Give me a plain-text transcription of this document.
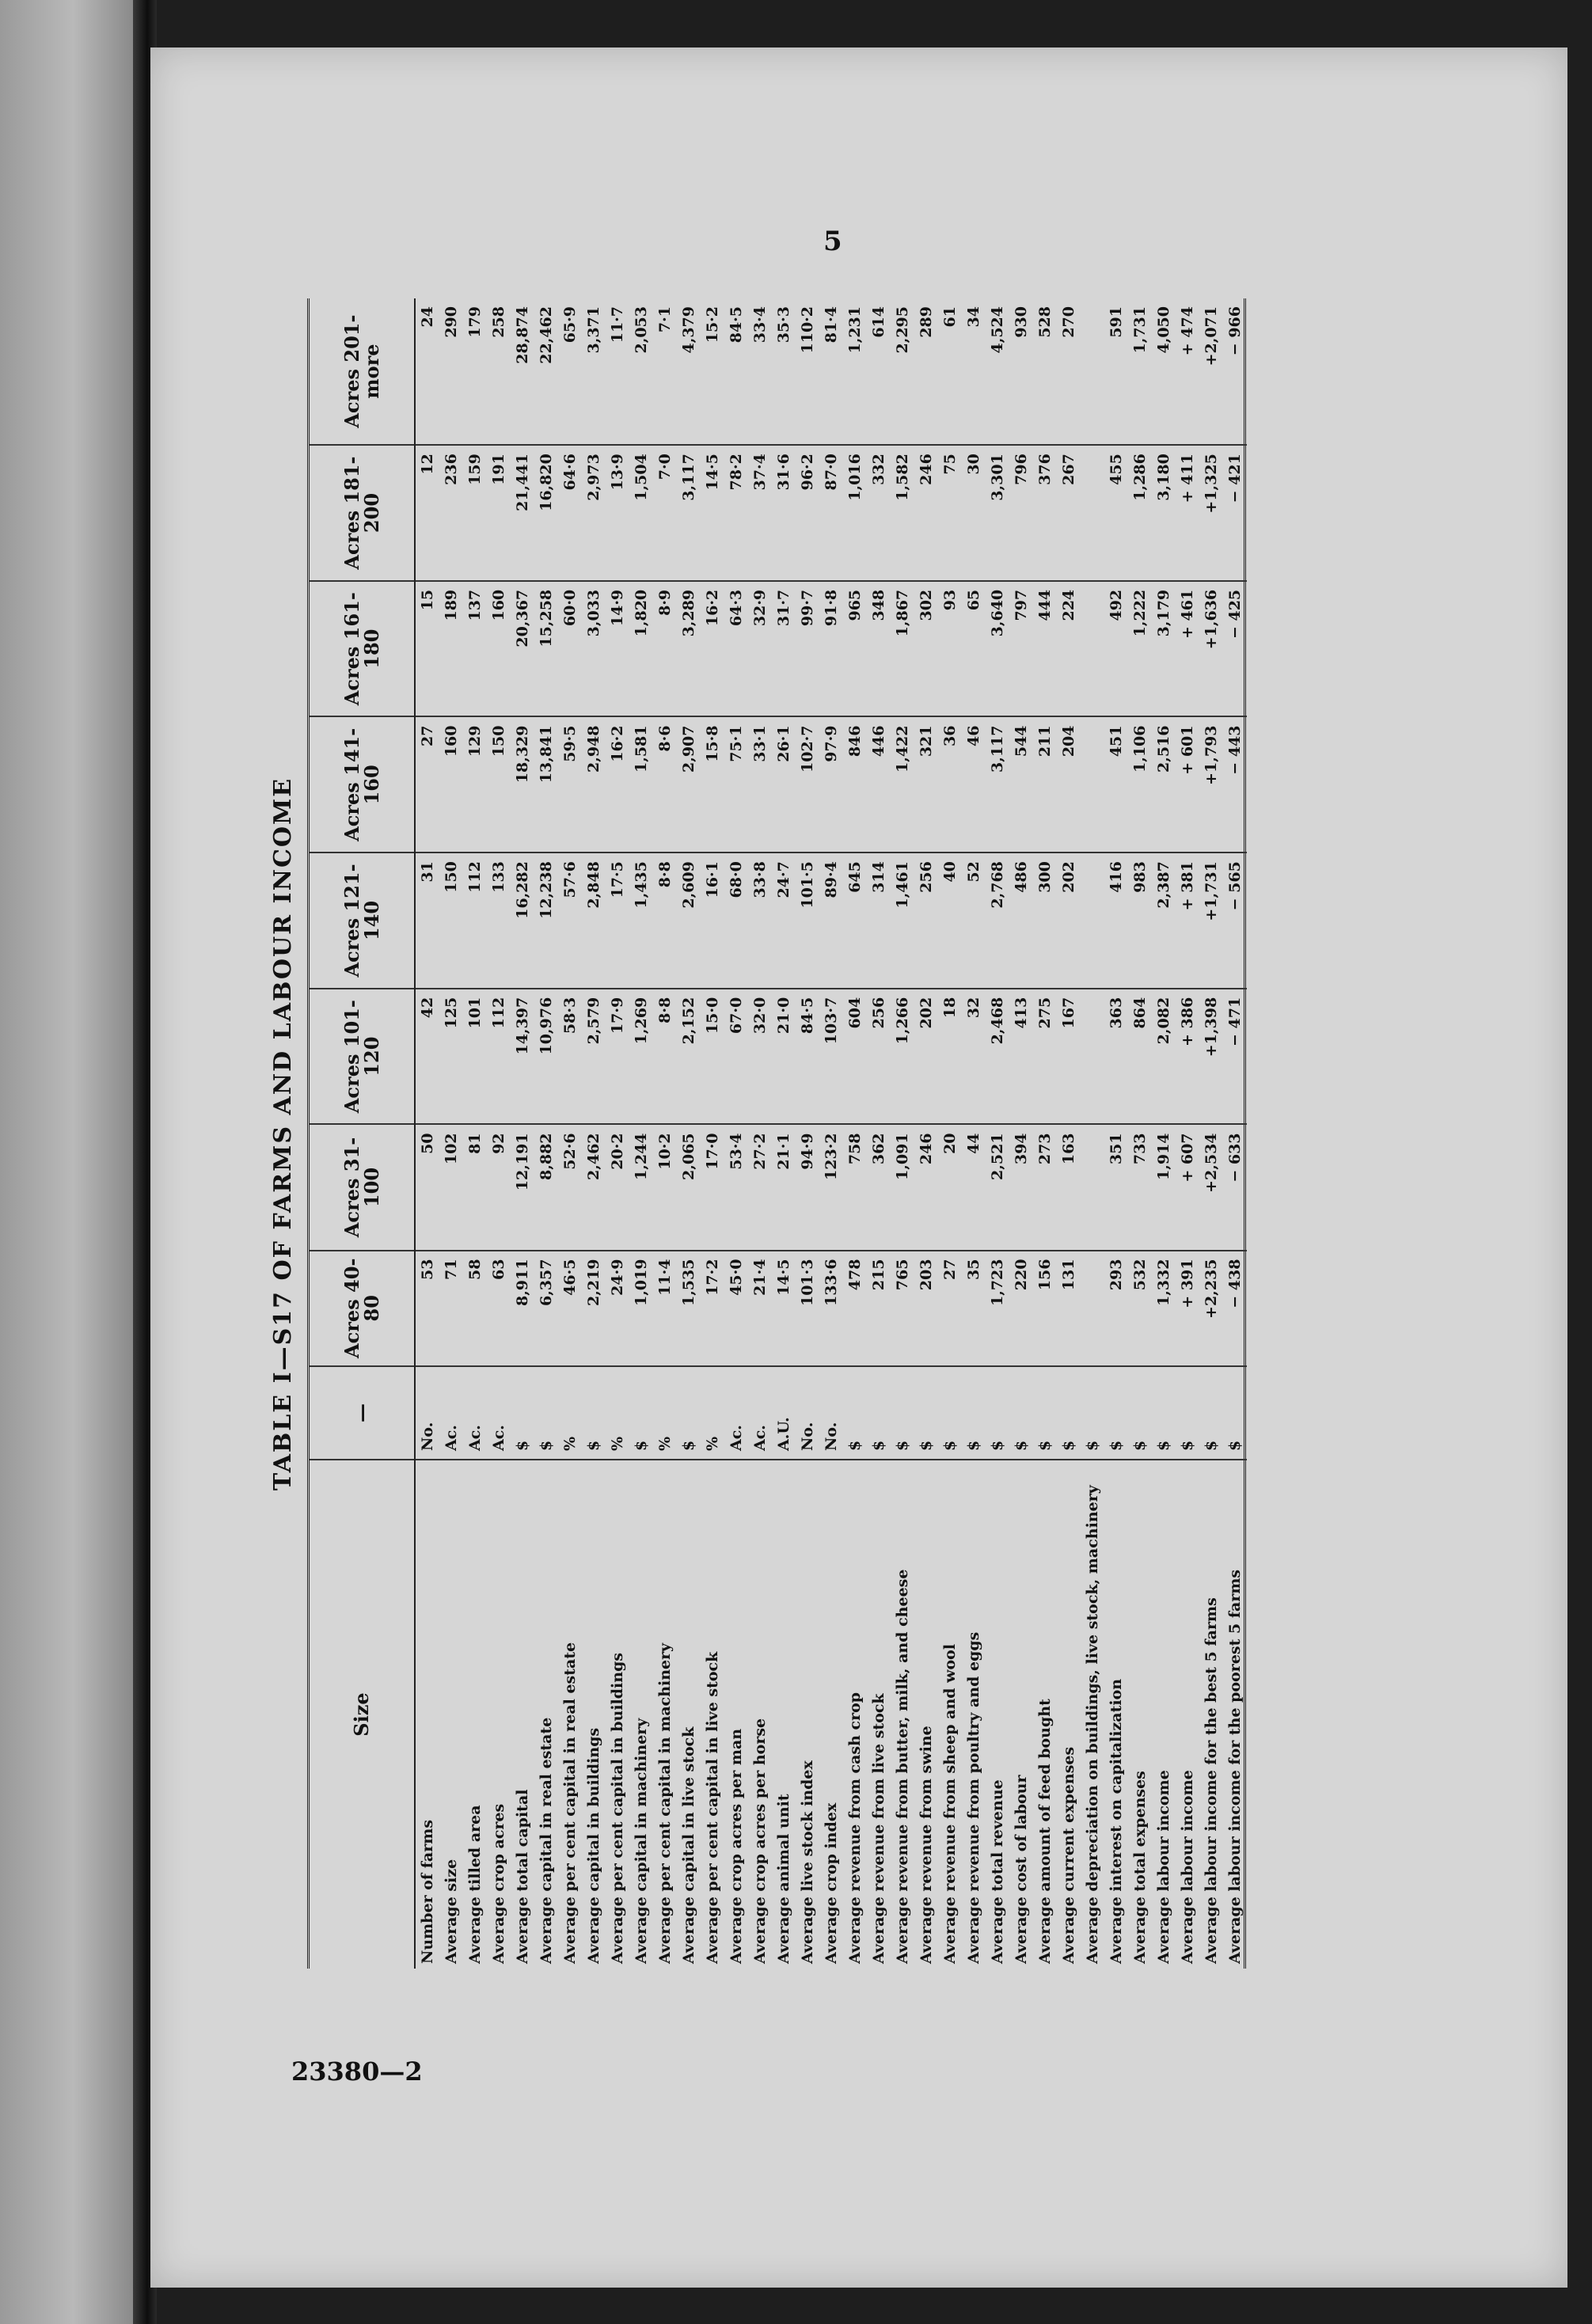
5
23380—2
TABLE I—S17 OF FARMS AND LABOUR INCOME
Size	—	Acres 40-80	Acres 31-100	Acres 101-120	Acres 121-140	Acres 141-160	Acres 161-180	Acres 181-200	Acres 201-more
Number of farms	No.	53	50	42	31	27	15	12	24
Average size	Ac.	71	102	125	150	160	189	236	290
Average tilled area	Ac.	58	81	101	112	129	137	159	179
Average crop acres	Ac.	63	92	112	133	150	160	191	258
Average total capital	$	8,911	12,191	14,397	16,282	18,329	20,367	21,441	28,874
Average capital in real estate	$	6,357	8,882	10,976	12,238	13,841	15,258	16,820	22,462
Average per cent capital in real estate	%	46·5	52·6	58·3	57·6	59·5	60·0	64·6	65·9
Average capital in buildings	$	2,219	2,462	2,579	2,848	2,948	3,033	2,973	3,371
Average per cent capital in buildings	%	24·9	20·2	17·9	17·5	16·2	14·9	13·9	11·7
Average capital in machinery	$	1,019	1,244	1,269	1,435	1,581	1,820	1,504	2,053
Average per cent capital in machinery	%	11·4	10·2	8·8	8·8	8·6	8·9	7·0	7·1
Average capital in live stock	$	1,535	2,065	2,152	2,609	2,907	3,289	3,117	4,379
Average per cent capital in live stock	%	17·2	17·0	15·0	16·1	15·8	16·2	14·5	15·2
Average crop acres per man	Ac.	45·0	53·4	67·0	68·0	75·1	64·3	78·2	84·5
Average crop acres per horse	Ac.	21·4	27·2	32·0	33·8	33·1	32·9	37·4	33·4
Average animal unit	A.U.	14·5	21·1	21·0	24·7	26·1	31·7	31·6	35·3
Average live stock index	No.	101·3	94·9	84·5	101·5	102·7	99·7	96·2	110·2
Average crop index	No.	133·6	123·2	103·7	89·4	97·9	91·8	87·0	81·4
Average revenue from cash crop	$	478	758	604	645	846	965	1,016	1,231
Average revenue from live stock	$	215	362	256	314	446	348	332	614
Average revenue from butter, milk, and cheese	$	765	1,091	1,266	1,461	1,422	1,867	1,582	2,295
Average revenue from swine	$	203	246	202	256	321	302	246	289
Average revenue from sheep and wool	$	27	20	18	40	36	93	75	61
Average revenue from poultry and eggs	$	35	44	32	52	46	65	30	34
Average total revenue	$	1,723	2,521	2,468	2,768	3,117	3,640	3,301	4,524
Average cost of labour	$	220	394	413	486	544	797	796	930
Average amount of feed bought	$	156	273	275	300	211	444	376	528
Average current expenses	$	131	163	167	202	204	224	267	270
Average depreciation on buildings, live stock, machinery	$								
Average interest on capitalization	$	293	351	363	416	451	492	455	591
Average total expenses	$	532	733	864	983	1,106	1,222	1,286	1,731
Average labour income	$	1,332	1,914	2,082	2,387	2,516	3,179	3,180	4,050
Average labour income	$	+ 391	+ 607	+ 386	+ 381	+ 601	+ 461	+ 411	+ 474
Average labour income for the best 5 farms	$	+2,235	+2,534	+1,398	+1,731	+1,793	+1,636	+1,325	+2,071
Average labour income for the poorest 5 farms	$	− 438	− 633	− 471	− 565	− 443	− 425	− 421	− 966
